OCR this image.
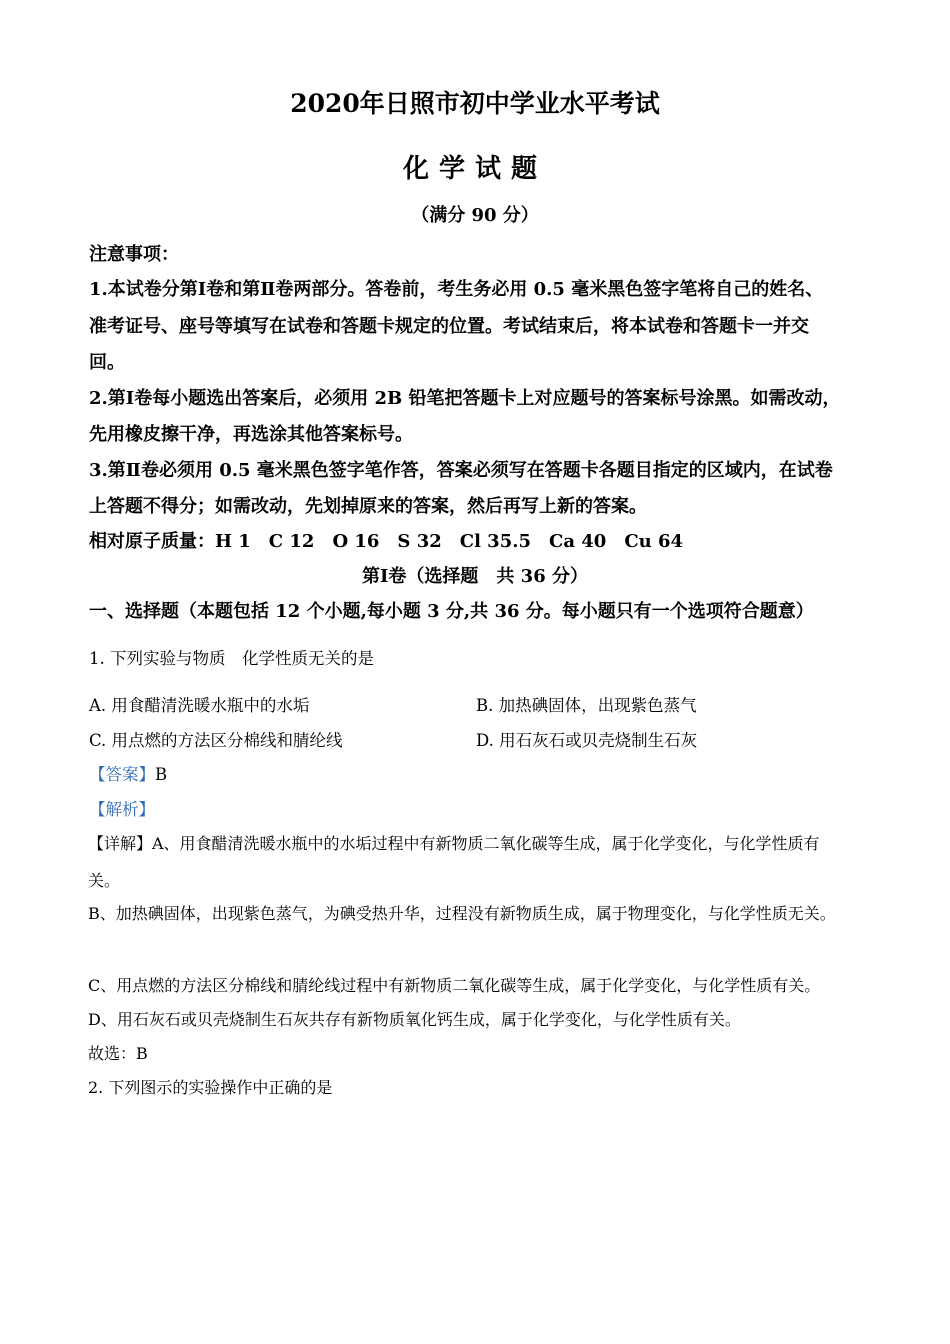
2020年日照市初中学业水平考试
化学试题
（满分 90 分）
注意事项：
1.本试卷分第Ⅰ卷和第Ⅱ卷两部分。答卷前，考生务必用 0.5 毫米黑色签字笔将自己的姓名、
准考证号、座号等填写在试卷和答题卡规定的位置。考试结束后，将本试卷和答题卡一并交
回。
2.第Ⅰ卷每小题选出答案后，必须用 2B 铅笔把答题卡上对应题号的答案标号涂黑。如需改动，
先用橡皮擦干净，再选涂其他答案标号。
3.第Ⅱ卷必须用 0.5 毫米黑色签字笔作答，答案必须写在答题卡各题目指定的区域内，在试卷
上答题不得分；如需改动，先划掉原来的答案，然后再写上新的答案。
相对原子质量：H 1　C 12　O 16　S 32　Cl 35.5　Ca 40　Cu 64
第Ⅰ卷（选择题　共 36 分）
一、选择题（本题包括 12 个小题,每小题 3 分,共 36 分。每小题只有一个选项符合题意）
1. 下列实验与物质　化学性质无关的是
A. 用食醋清洗暖水瓶中的水垢	B. 加热碘固体，出现紫色蒸气
C. 用点燃的方法区分棉线和腈纶线	D. 用石灰石或贝壳烧制生石灰
【答案】B
【解析】
【详解】A、用食醋清洗暖水瓶中的水垢过程中有新物质二氧化碳等生成，属于化学变化，与化学性质有
关。
B、加热碘固体，出现紫色蒸气，为碘受热升华，过程没有新物质生成，属于物理变化，与化学性质无关。
C、用点燃的方法区分棉线和腈纶线过程中有新物质二氧化碳等生成，属于化学变化，与化学性质有关。
D、用石灰石或贝壳烧制生石灰共存有新物质氧化钙生成，属于化学变化，与化学性质有关。
故选：B
2. 下列图示的实验操作中正确的是
